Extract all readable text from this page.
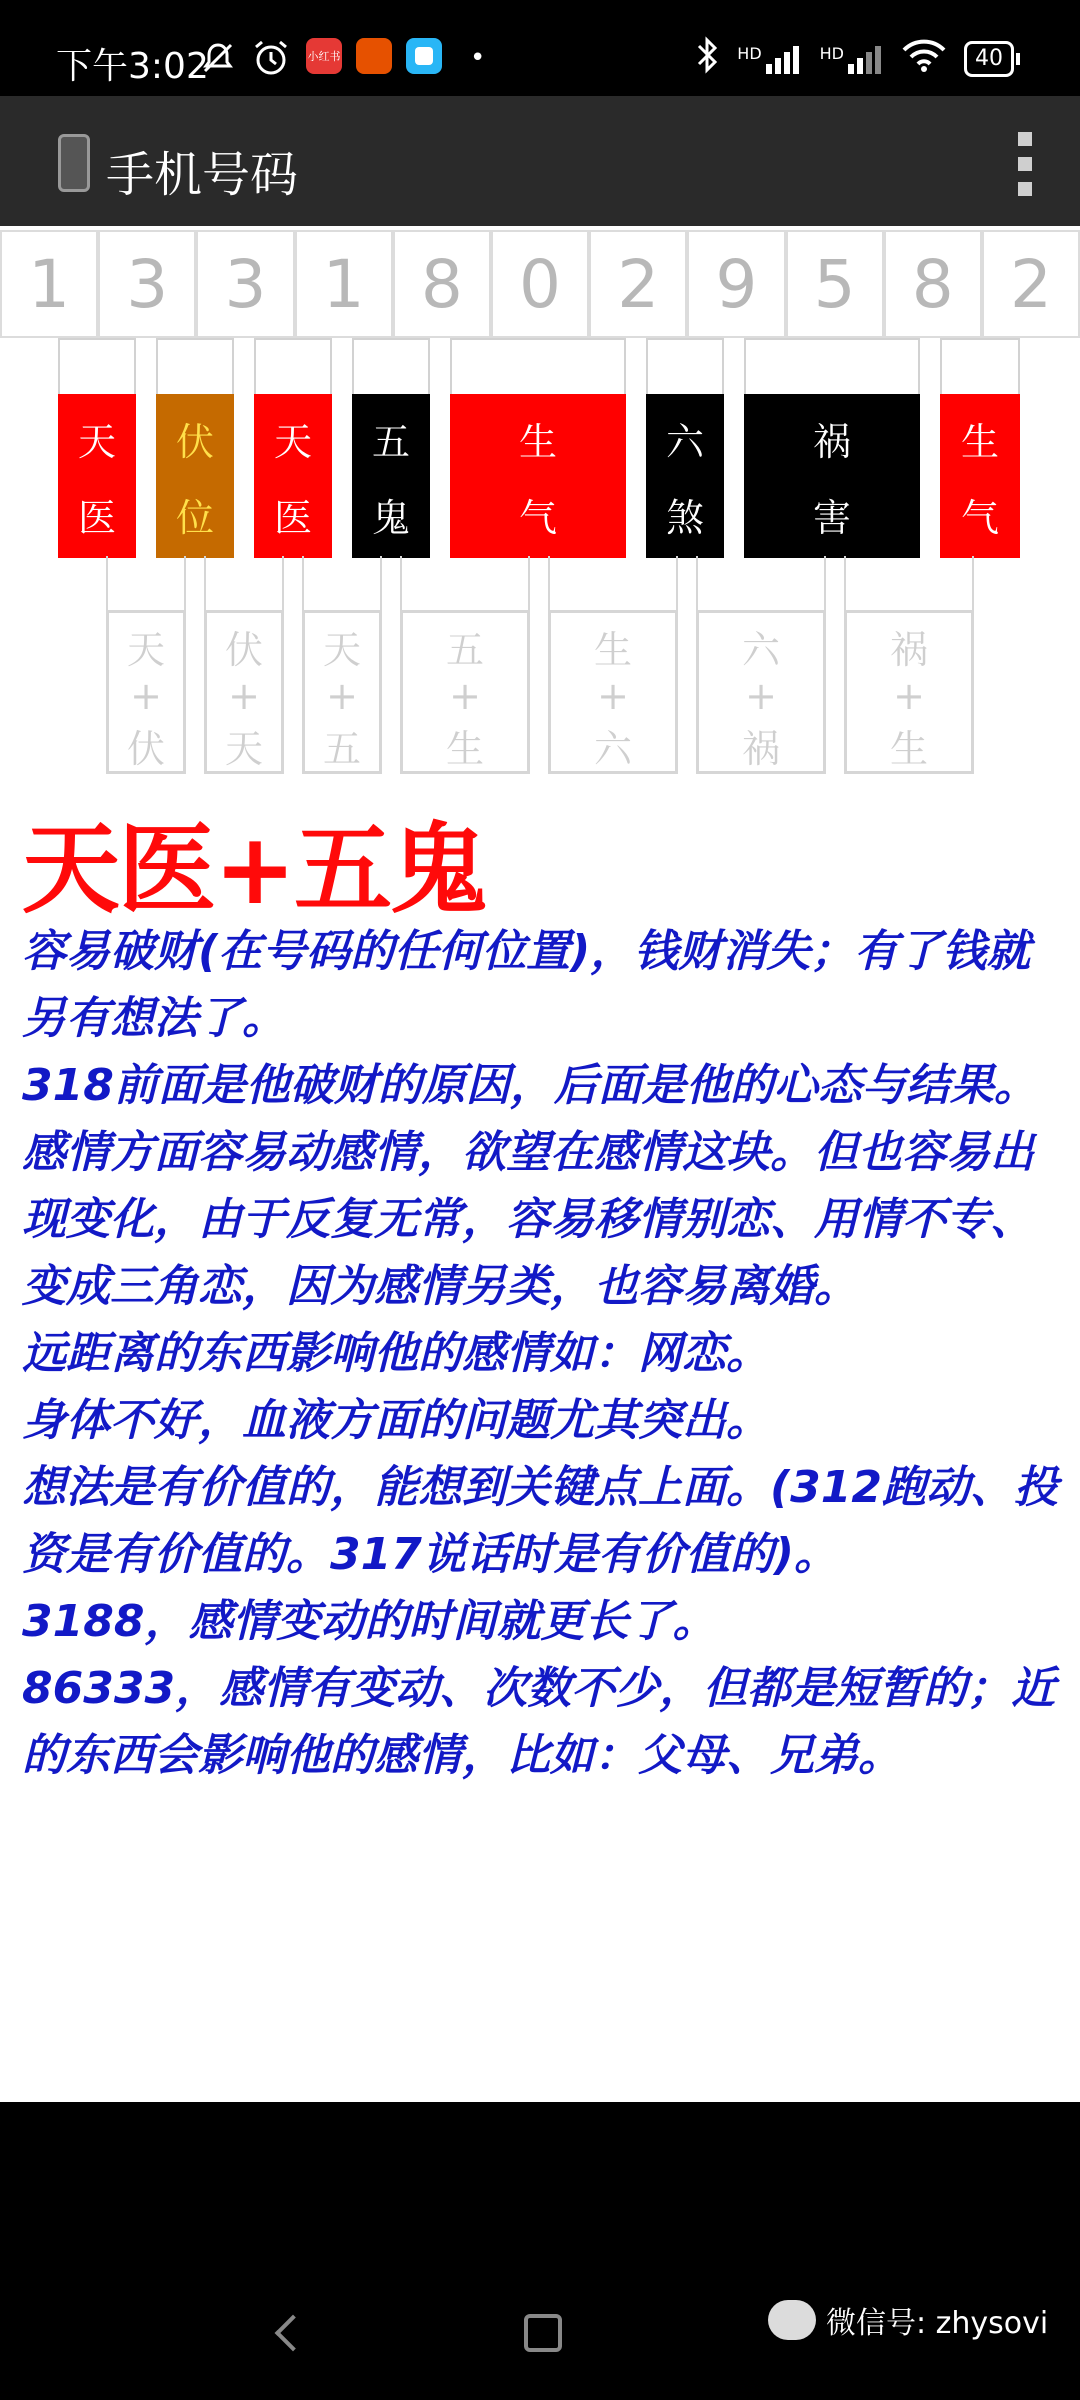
下午3:02	小红书	•	HD	HD	40
手机号码
1 3 3 1 8 0 2 9 5 8 2
天
医
伏
位
天
医
五
鬼
生
气
六
煞
祸
害
生
气
天
+
伏
伏
+
天
天
+
五
五
+
生
生
+
六
六
+
祸
祸
+
生
天医+五鬼

容易破财(在号码的任何位置)，钱财消失；有了钱就另有想法了。

318前面是他破财的原因，后面是他的心态与结果。

感情方面容易动感情，欲望在感情这块。但也容易出现变化，由于反复无常，容易移情别恋、用情不专、变成三角恋，因为感情另类，也容易离婚。

远距离的东西影响他的感情如：网恋。

身体不好，血液方面的问题尤其突出。

想法是有价值的，能想到关键点上面。(312跑动、投资是有价值的。317说话时是有价值的)。

3188，感情变动的时间就更长了。

86333，感情有变动、次数不少，但都是短暂的；近的东西会影响他的感情，比如：父母、兄弟。

微信号: zhysovi
